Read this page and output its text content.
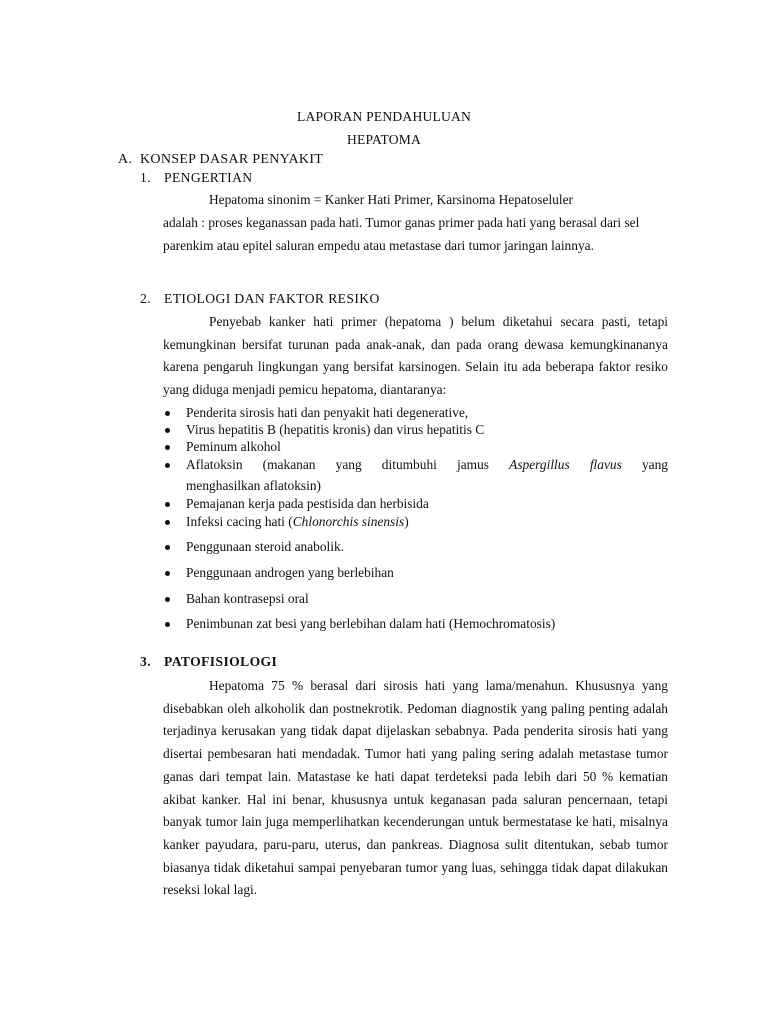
LAPORAN PENDAHULUAN
HEPATOMA
A. KONSEP DASAR PENYAKIT
1. PENGERTIAN
Hepatoma sinonim = Kanker Hati Primer, Karsinoma Hepatoseluler

adalah : proses keganassan pada hati. Tumor ganas primer pada hati yang berasal dari sel parenkim atau epitel saluran empedu atau metastase dari tumor jaringan lainnya.

2. ETIOLOGI DAN FAKTOR RESIKO

Penyebab kanker hati primer (hepatoma ) belum diketahui secara pasti, tetapi kemungkinan bersifat turunan pada anak-anak, dan pada orang dewasa kemungkinananya karena pengaruh lingkungan yang bersifat karsinogen. Selain itu ada beberapa faktor resiko yang diduga menjadi pemicu hepatoma, diantaranya:

Penderita sirosis hati dan penyakit hati degenerative,
Virus hepatitis B (hepatitis kronis) dan virus hepatitis C
Peminum alkohol
Aflatoksin (makanan yang ditumbuhi jamus Aspergillus flavus yang
menghasilkan aflatoksin)
Pemajanan kerja pada pestisida dan herbisida
Infeksi cacing hati (Chlonorchis sinensis)
Penggunaan steroid anabolik.
Penggunaan androgen yang berlebihan
Bahan kontrasepsi oral
Penimbunan zat besi yang berlebihan dalam hati (Hemochromatosis)
3. PATOFISIOLOGI

Hepatoma 75 % berasal dari sirosis hati yang lama/menahun. Khususnya yang disebabkan oleh alkoholik dan postnekrotik. Pedoman diagnostik yang paling penting adalah terjadinya kerusakan yang tidak dapat dijelaskan sebabnya. Pada penderita sirosis hati yang disertai pembesaran hati mendadak. Tumor hati yang paling sering adalah metastase tumor ganas dari tempat lain. Matastase ke hati dapat terdeteksi pada lebih dari 50 % kematian akibat kanker. Hal ini benar, khususnya untuk keganasan pada saluran pencernaan, tetapi banyak tumor lain juga memperlihatkan kecenderungan untuk bermestatase ke hati, misalnya kanker payudara, paru-paru, uterus, dan pankreas. Diagnosa sulit ditentukan, sebab tumor biasanya tidak diketahui sampai penyebaran tumor yang luas, sehingga tidak dapat dilakukan reseksi lokal lagi.
